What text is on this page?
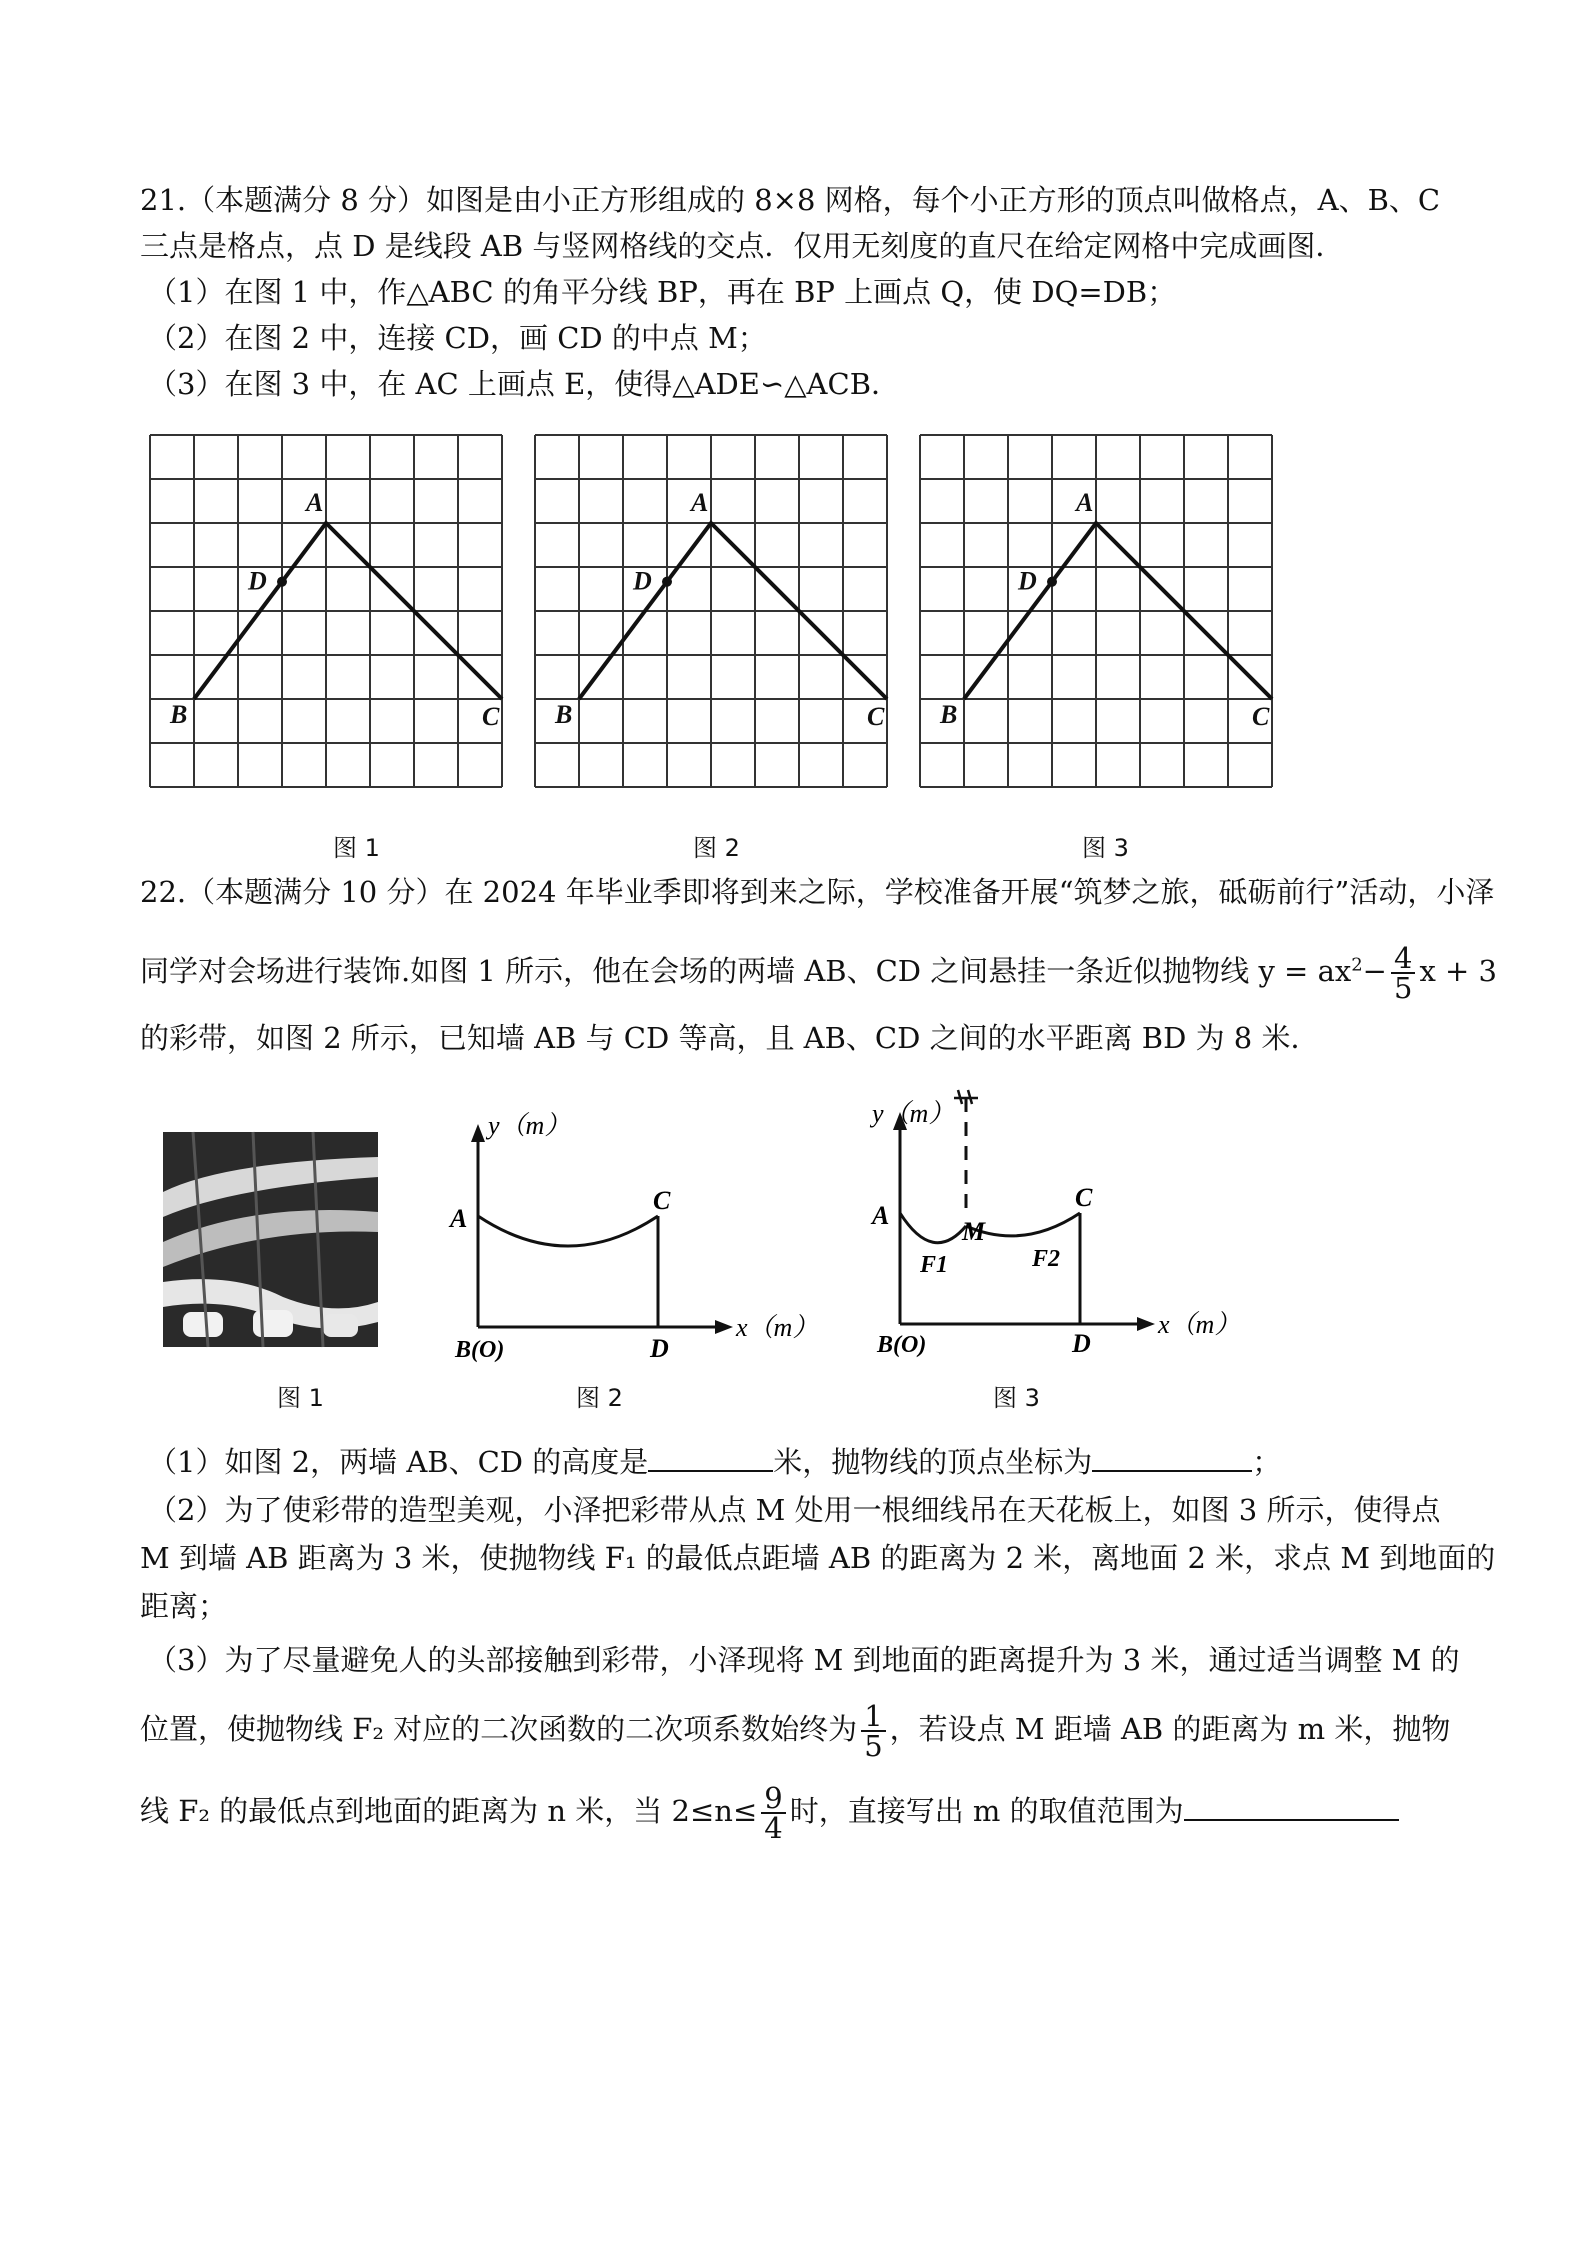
21.（本题满分 8 分）如图是由小正方形组成的 8×8 网格，每个小正方形的顶点叫做格点，A、B、C
三点是格点，点 D 是线段 AB 与竖网格线的交点．仅用无刻度的直尺在给定网格中完成画图．
（1）在图 1 中，作△ABC 的角平分线 BP，再在 BP 上画点 Q，使 DQ=DB；
（2）在图 2 中，连接 CD，画 CD 的中点 M；
（3）在图 3 中，在 AC 上画点 E，使得△ADE∽△ACB．
A
D
B	C
A
D
B	C
A
D
B	C
图 1	图 2	图 3
22.（本题满分 10 分）在 2024 年毕业季即将到来之际，学校准备开展“筑梦之旅，砥砺前行”活动，小泽
同学对会场进行装饰.如图 1 所示，他在会场的两墙 AB、CD 之间悬挂一条近似抛物线 $y = ax^2- \frac{4}{5}$ x + 3
的彩带，如图 2 所示，已知墙 AB 与 CD 等高，且 AB、CD 之间的水平距离 BD 为 8 米．
y（m）
A
C
B(O)	D
x（m）
y（m）
A
C
M
F1	F2
B(O)	D
x（m）
图 1	图 2	图 3
（1）如图 2，两墙 AB、CD 的高度是	米，抛物线的顶点坐标为	；
（2）为了使彩带的造型美观，小泽把彩带从点 M 处用一根细线吊在天花板上，如图 3 所示，使得点
M 到墙 AB 距离为 3 米，使抛物线 F₁ 的最低点距墙 AB 的距离为 2 米，离地面 2 米，求点 M 到地面的
距离；
（3）为了尽量避免人的头部接触到彩带，小泽现将 M 到地面的距离提升为 3 米，通过适当调整 M 的
位置，使抛物线 F₂ 对应的二次函数的二次项系数始终为 $\frac{1}{5}$ ，若设点 M 距墙 AB 的距离为 m 米，抛物
线 F₂ 的最低点到地面的距离为 n 米，当 $2\le n\le \frac{9}{4}$ 时，直接写出 m 的取值范围为
